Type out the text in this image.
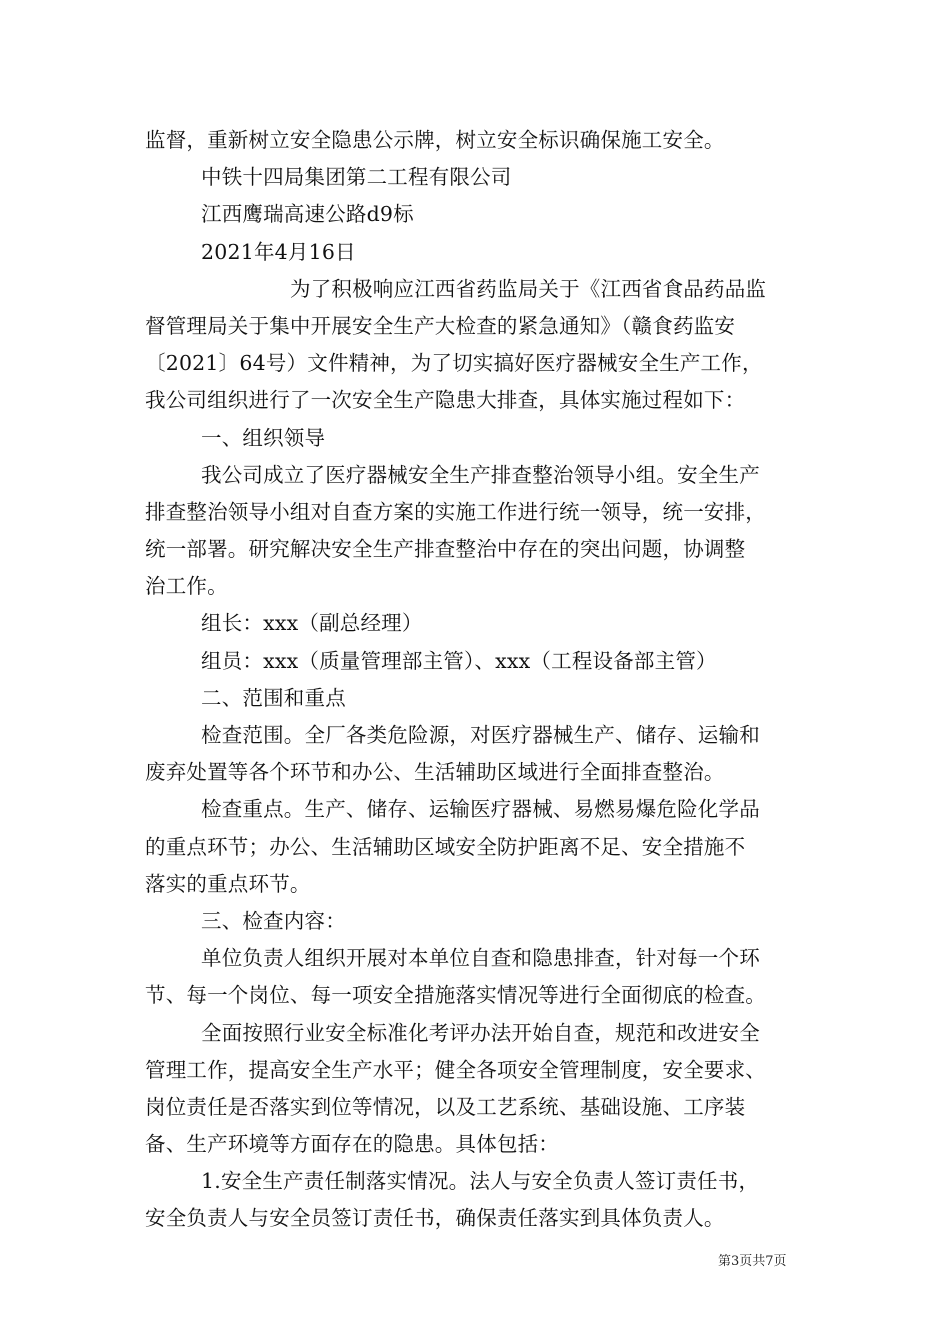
监督，重新树立安全隐患公示牌，树立安全标识确保施工安全。
中铁十四局集团第二工程有限公司
江西鹰瑞高速公路d9标
2021年4月16日
为了积极响应江西省药监局关于《江西省食品药品监
督管理局关于集中开展安全生产大检查的紧急通知》（赣食药监安
〔2021〕64号）文件精神，为了切实搞好医疗器械安全生产工作，
我公司组织进行了一次安全生产隐患大排查，具体实施过程如下：
一、组织领导
我公司成立了医疗器械安全生产排查整治领导小组。安全生产
排查整治领导小组对自查方案的实施工作进行统一领导，统一安排，
统一部署。研究解决安全生产排查整治中存在的突出问题，协调整
治工作。
组长：xxx（副总经理）
组员：xxx（质量管理部主管）、xxx（工程设备部主管）
二、范围和重点
检查范围。全厂各类危险源，对医疗器械生产、储存、运输和
废弃处置等各个环节和办公、生活辅助区域进行全面排查整治。
检查重点。生产、储存、运输医疗器械、易燃易爆危险化学品
的重点环节；办公、生活辅助区域安全防护距离不足、安全措施不
落实的重点环节。
三、检查内容：
单位负责人组织开展对本单位自查和隐患排查，针对每一个环
节、每一个岗位、每一项安全措施落实情况等进行全面彻底的检查。
全面按照行业安全标准化考评办法开始自查，规范和改进安全
管理工作，提高安全生产水平；健全各项安全管理制度，安全要求、
岗位责任是否落实到位等情况，以及工艺系统、基础设施、工序装
备、生产环境等方面存在的隐患。具体包括：
1.安全生产责任制落实情况。法人与安全负责人签订责任书，
安全负责人与安全员签订责任书，确保责任落实到具体负责人。
第3页共7页
